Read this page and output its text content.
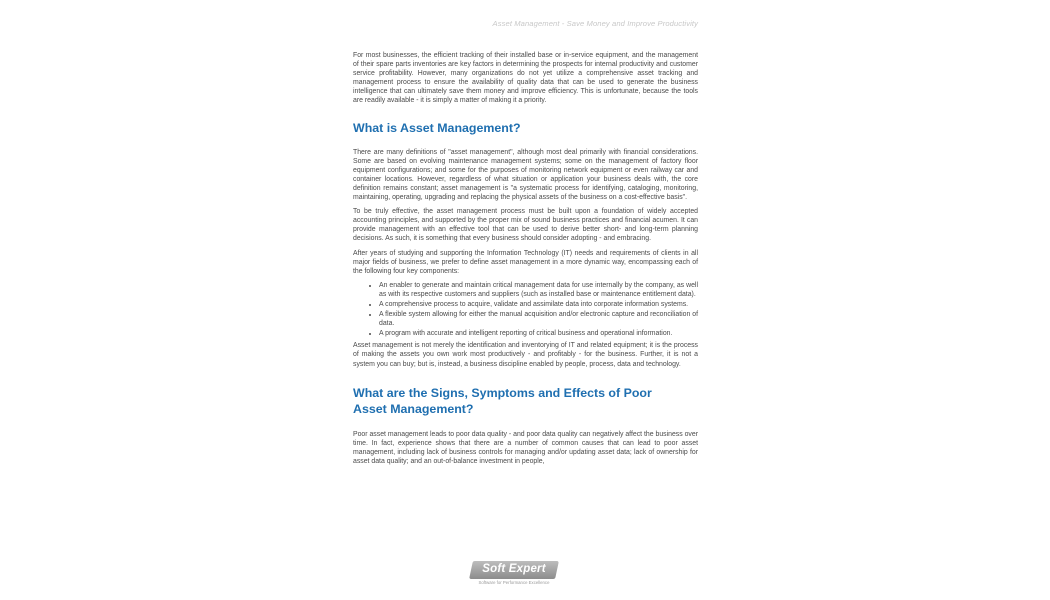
Asset Management - Save Money and Improve Productivity

For most businesses, the efficient tracking of their installed base or in-service equipment, and the management of their spare parts inventories are key factors in determining the prospects for internal productivity and customer service profitability. However, many organizations do not yet utilize a comprehensive asset tracking and management process to ensure the availability of quality data that can be used to generate the business intelligence that can ultimately save them money and improve efficiency. This is unfortunate, because the tools are readily available - it is simply a matter of making it a priority.

What is Asset Management?

There are many definitions of "asset management", although most deal primarily with financial considerations. Some are based on evolving maintenance management systems; some on the management of factory floor equipment configurations; and some for the purposes of monitoring network equipment or even railway car and container locations. However, regardless of what situation or application your business deals with, the core definition remains constant; asset management is "a systematic process for identifying, cataloging, monitoring, maintaining, operating, upgrading and replacing the physical assets of the business on a cost-effective basis".

To be truly effective, the asset management process must be built upon a foundation of widely accepted accounting principles, and supported by the proper mix of sound business practices and financial acumen. It can provide management with an effective tool that can be used to derive better short- and long-term planning decisions. As such, it is something that every business should consider adopting - and embracing.

After years of studying and supporting the Information Technology (IT) needs and requirements of clients in all major fields of business, we prefer to define asset management in a more dynamic way, encompassing each of the following four key components:

• An enabler to generate and maintain critical management data for use internally by the company, as well as with its respective customers and suppliers (such as installed base or maintenance entitlement data).
• A comprehensive process to acquire, validate and assimilate data into corporate information systems.
• A flexible system allowing for either the manual acquisition and/or electronic capture and reconciliation of data.
• A program with accurate and intelligent reporting of critical business and operational information.

Asset management is not merely the identification and inventorying of IT and related equipment; it is the process of making the assets you own work most productively - and profitably - for the business. Further, it is not a system you can buy; but is, instead, a business discipline enabled by people, process, data and technology.

What are the Signs, Symptoms and Effects of Poor
Asset Management?

Poor asset management leads to poor data quality - and poor data quality can negatively affect the business over time. In fact, experience shows that there are a number of common causes that can lead to poor asset management, including lack of business controls for managing and/or updating asset data; lack of ownership for asset data quality; and an out-of-balance investment in people,

Soft Expert
Software for Performance Excellence
